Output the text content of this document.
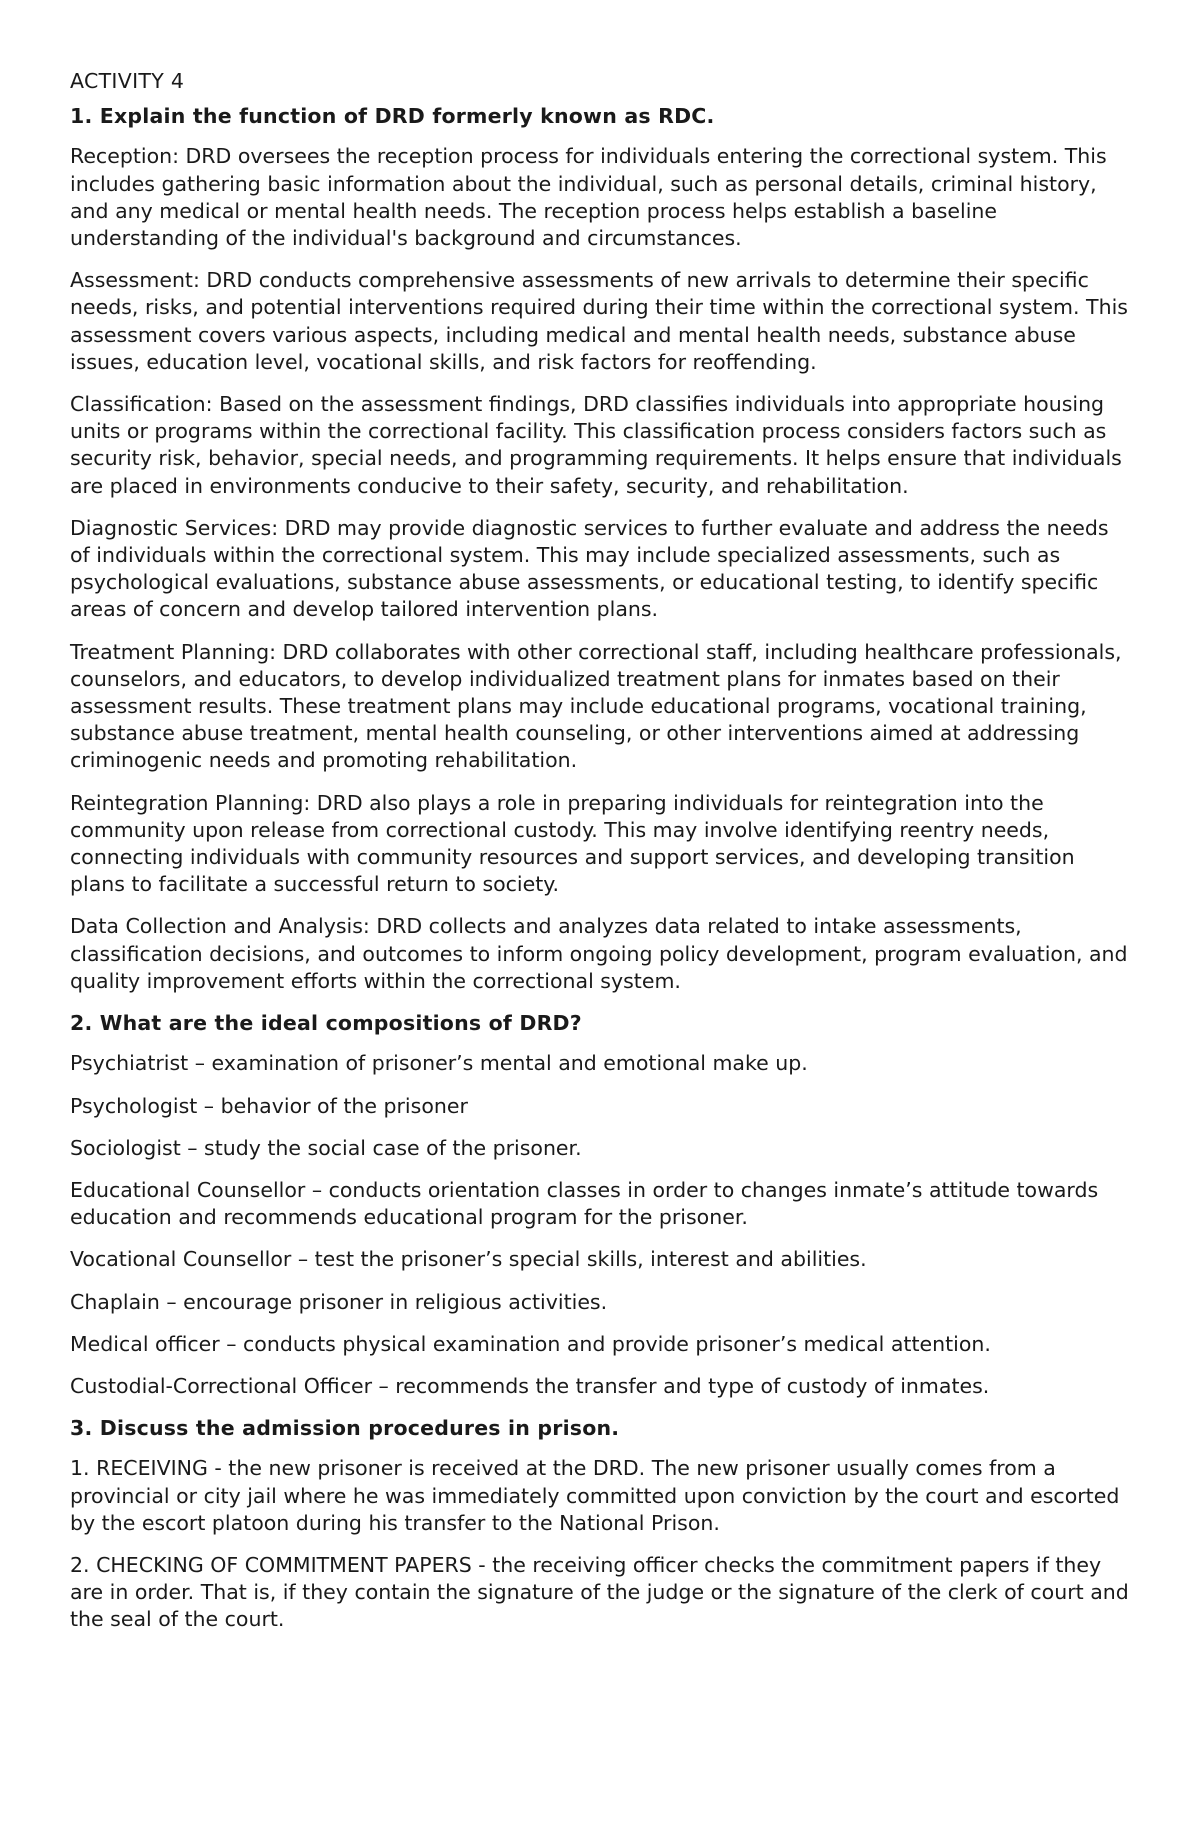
ACTIVITY 4
1. Explain the function of DRD formerly known as RDC.
Reception: DRD oversees the reception process for individuals entering the correctional system. This includes gathering basic information about the individual, such as personal details, criminal history, and any medical or mental health needs. The reception process helps establish a baseline understanding of the individual's background and circumstances.
Assessment: DRD conducts comprehensive assessments of new arrivals to determine their specific needs, risks, and potential interventions required during their time within the correctional system. This assessment covers various aspects, including medical and mental health needs, substance abuse issues, education level, vocational skills, and risk factors for reoffending.
Classification: Based on the assessment findings, DRD classifies individuals into appropriate housing units or programs within the correctional facility. This classification process considers factors such as security risk, behavior, special needs, and programming requirements. It helps ensure that individuals are placed in environments conducive to their safety, security, and rehabilitation.
Diagnostic Services: DRD may provide diagnostic services to further evaluate and address the needs of individuals within the correctional system. This may include specialized assessments, such as psychological evaluations, substance abuse assessments, or educational testing, to identify specific areas of concern and develop tailored intervention plans.
Treatment Planning: DRD collaborates with other correctional staff, including healthcare professionals, counselors, and educators, to develop individualized treatment plans for inmates based on their assessment results. These treatment plans may include educational programs, vocational training, substance abuse treatment, mental health counseling, or other interventions aimed at addressing criminogenic needs and promoting rehabilitation.
Reintegration Planning: DRD also plays a role in preparing individuals for reintegration into the community upon release from correctional custody. This may involve identifying reentry needs, connecting individuals with community resources and support services, and developing transition plans to facilitate a successful return to society.
Data Collection and Analysis: DRD collects and analyzes data related to intake assessments, classification decisions, and outcomes to inform ongoing policy development, program evaluation, and quality improvement efforts within the correctional system.
2. What are the ideal compositions of DRD?
Psychiatrist – examination of prisoner’s mental and emotional make up.
Psychologist – behavior of the prisoner
Sociologist – study the social case of the prisoner.
Educational Counsellor – conducts orientation classes in order to changes inmate’s attitude towards education and recommends educational program for the prisoner.
Vocational Counsellor – test the prisoner’s special skills, interest and abilities.
Chaplain – encourage prisoner in religious activities.
Medical officer – conducts physical examination and provide prisoner’s medical attention.
Custodial-Correctional Officer – recommends the transfer and type of custody of inmates.
3. Discuss the admission procedures in prison.
1. RECEIVING - the new prisoner is received at the DRD. The new prisoner usually comes from a provincial or city jail where he was immediately committed upon conviction by the court and escorted by the escort platoon during his transfer to the National Prison.
2. CHECKING OF COMMITMENT PAPERS - the receiving officer checks the commitment papers if they are in order. That is, if they contain the signature of the judge or the signature of the clerk of court and the seal of the court.
